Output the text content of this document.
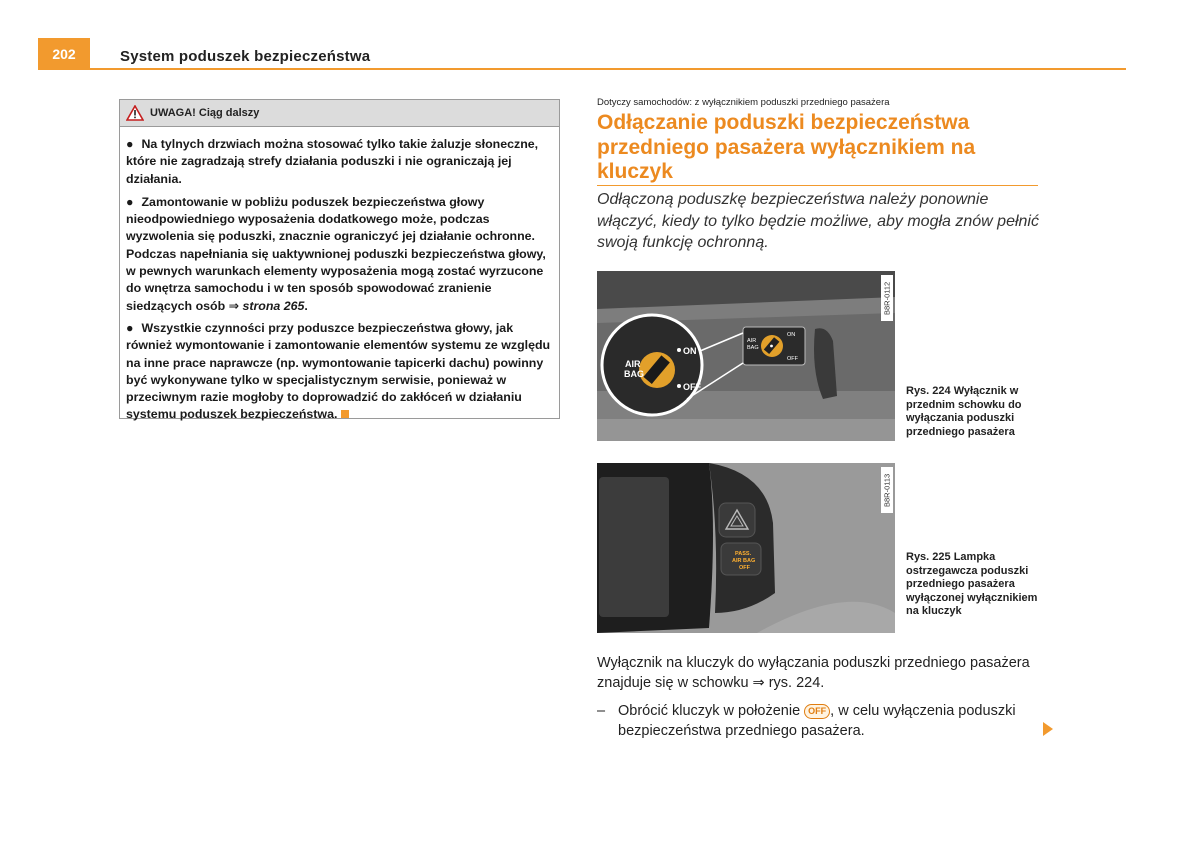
202	System poduszek bezpieczeństwa
UWAGA! Ciąg dalszy

● Na tylnych drzwiach można stosować tylko takie żaluzje słoneczne, które nie zagradzają strefy działania poduszki i nie ograniczają jej działania.

● Zamontowanie w pobliżu poduszek bezpieczeństwa głowy nieodpowiedniego wyposażenia dodatkowego może, podczas wyzwolenia się poduszki, znacznie ograniczyć jej działanie ochronne. Podczas napełniania się uaktywnionej poduszki bezpieczeństwa głowy, w pewnych warunkach elementy wyposażenia mogą zostać wyrzucone do wnętrza samochodu i w ten sposób spowodować zranienie siedzących osób ⇒ strona 265.

● Wszystkie czynności przy poduszce bezpieczeństwa głowy, jak również wymontowanie i zamontowanie elementów systemu ze względu na inne prace naprawcze (np. wymontowanie tapicerki dachu) powinny być wykonywane tylko w specjalistycznym serwisie, ponieważ w przeciwnym razie mogłoby to doprowadzić do zakłóceń w działaniu systemu poduszek bezpieczeństwa.

Dotyczy samochodów: z wyłącznikiem poduszki przedniego pasażera
Odłączanie poduszki bezpieczeństwa przedniego pasażera wyłącznikiem na kluczyk
Odłączoną poduszkę bezpieczeństwa należy ponownie włączyć, kiedy to tylko będzie możliwe, aby mogła znów pełnić swoją funkcję ochronną.
AIR
BAG
ON
OFF
AIR
BAG
ON
OFF
B8R-0112
Rys. 224 Wyłącznik w przednim schowku do wyłączania poduszki przedniego pasażera
PASS.
AIR BAG
OFF
B8R-0113
Rys. 225 Lampka ostrzegawcza poduszki przedniego pasażera wyłączonej wyłącznikiem na kluczyk
Wyłącznik na kluczyk do wyłączania poduszki przedniego pasażera znajduje się w schowku ⇒ rys. 224.
– Obrócić kluczyk w położenie OFF , w celu wyłączenia poduszki bezpieczeństwa przedniego pasażera.
